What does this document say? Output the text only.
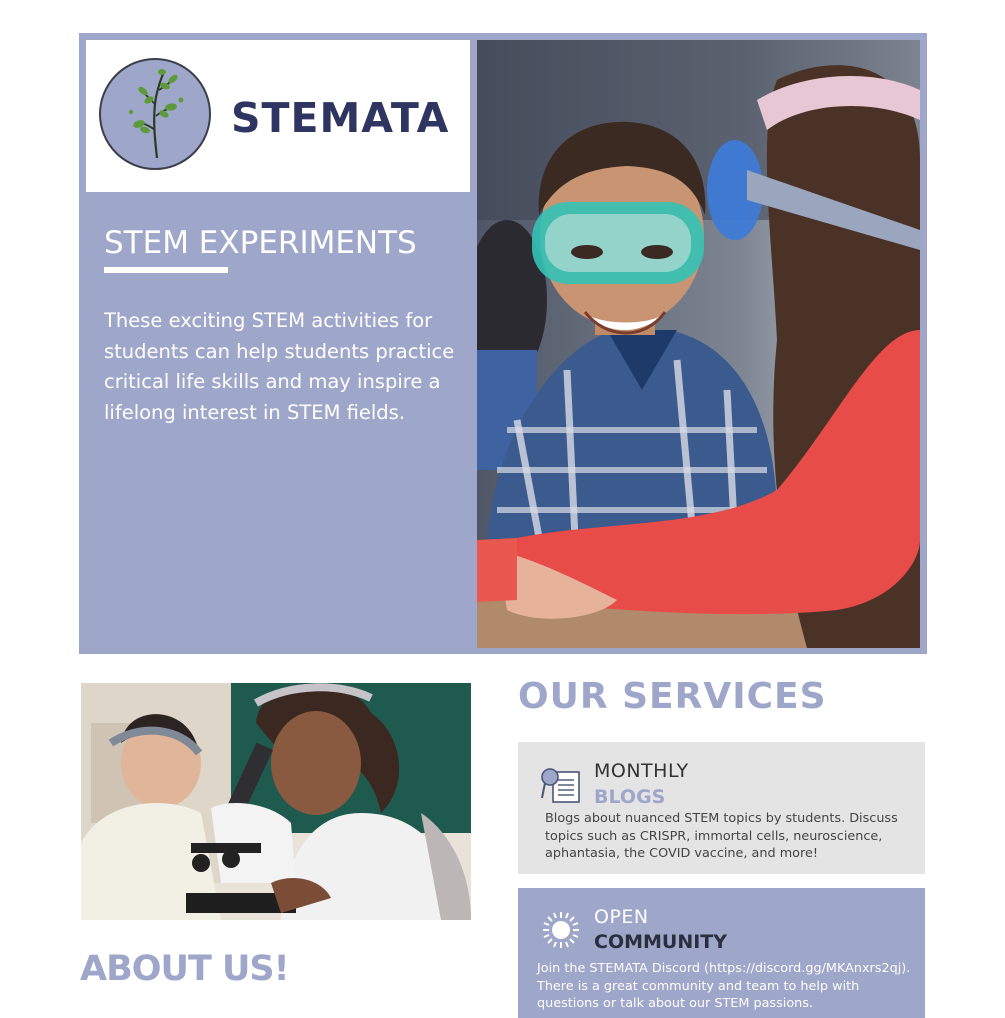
STEMATA
STEM EXPERIMENTS
These exciting STEM activities for students can help students practice critical life skills and may inspire a lifelong interest in STEM fields.
ABOUT US!
OUR SERVICES
MONTHLY
BLOGS
Blogs about nuanced STEM topics by students. Discuss topics such as CRISPR, immortal cells, neuroscience, aphantasia, the COVID vaccine, and more!
OPEN
COMMUNITY
Join the STEMATA Discord (https://discord.gg/MKAnxrs2qj). There is a great community and team to help with questions or talk about our STEM passions.
